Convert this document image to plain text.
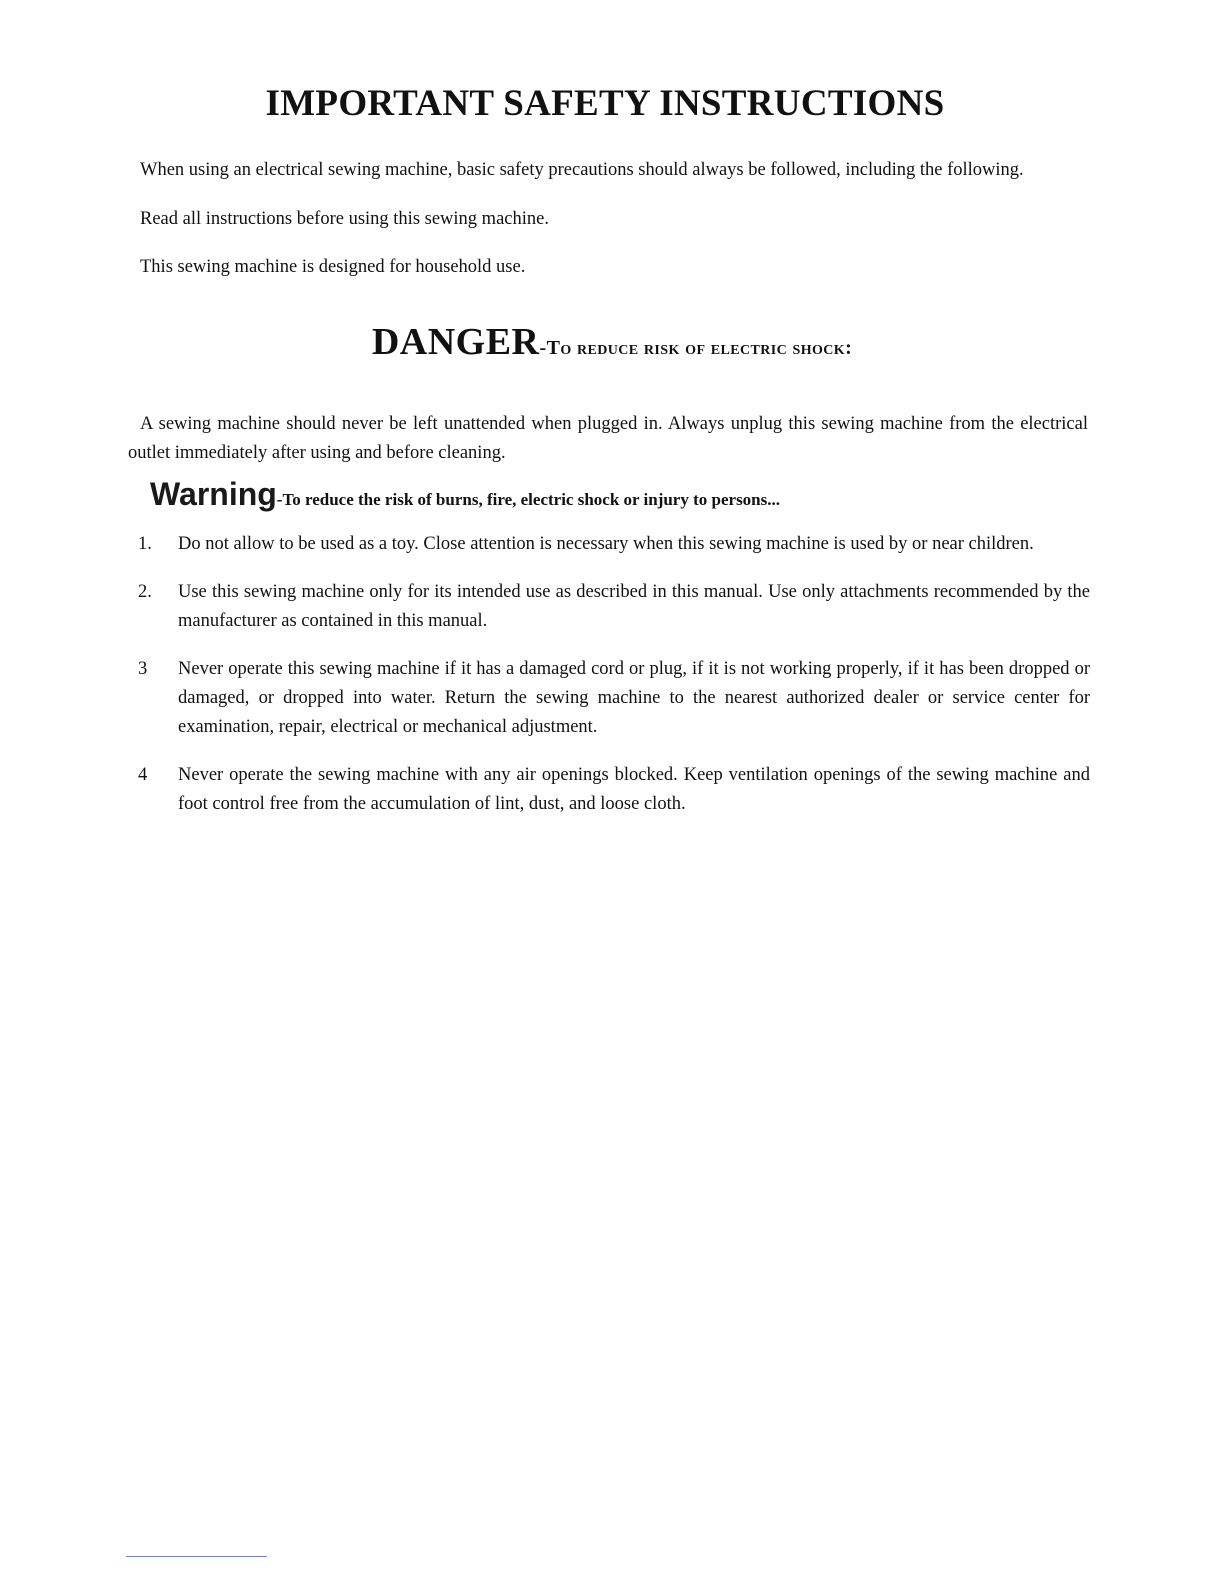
IMPORTANT SAFETY INSTRUCTIONS

When using an electrical sewing machine, basic safety precautions should always be followed, including the following.

Read all instructions before using this sewing machine.

This sewing machine is designed for household use.

DANGER-To reduce risk of electric shock:

A sewing machine should never be left unattended when plugged in. Always unplug this sewing machine from the electrical outlet immediately after using and before cleaning.

Warning-To reduce the risk of burns, fire, electric shock or injury to persons...
1.	Do not allow to be used as a toy. Close attention is necessary when this sewing machine is used by or near children.
2.	Use this sewing machine only for its intended use as described in this manual. Use only attachments recommended by the manufacturer as contained in this manual.
3	Never operate this sewing machine if it has a damaged cord or plug, if it is not working properly, if it has been dropped or damaged, or dropped into water. Return the sewing machine to the nearest authorized dealer or service center for examination, repair, electrical or mechanical adjustment.
4	Never operate the sewing machine with any air openings blocked. Keep ventilation openings of the sewing machine and foot control free from the accumulation of lint, dust, and loose cloth.
